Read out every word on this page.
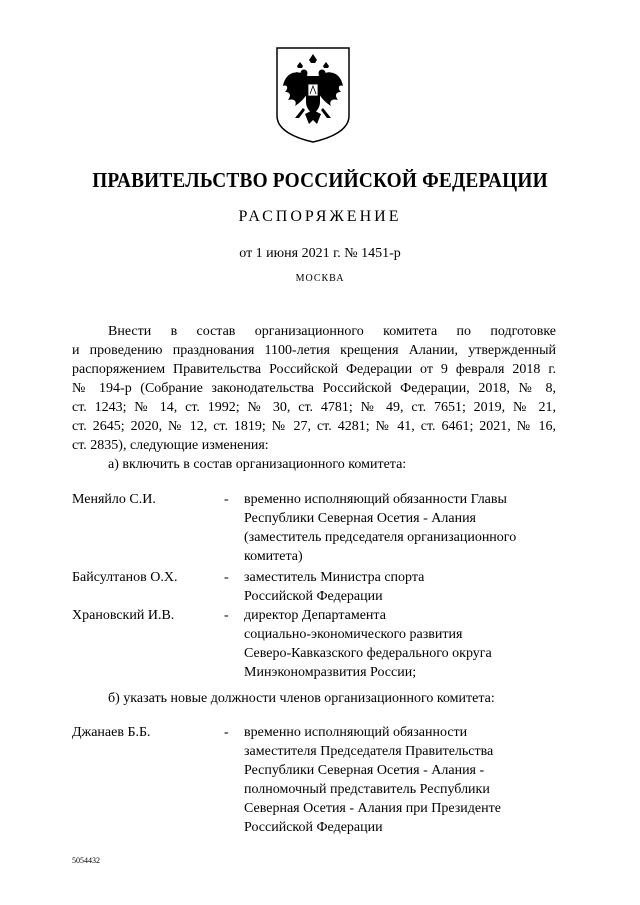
ПРАВИТЕЛЬСТВО РОССИЙСКОЙ ФЕДЕРАЦИИ
РАСПОРЯЖЕНИЕ
от 1 июня 2021 г. № 1451-р
МОСКВА
Внести в состав организационного комитета по подготовке
и проведению празднования 1100-летия крещения Алании, утвержденный
распоряжением Правительства Российской Федерации от 9 февраля 2018 г.
№ 194-р (Собрание законодательства Российской Федерации, 2018, № 8,
ст. 1243; № 14, ст. 1992; № 30, ст. 4781; № 49, ст. 7651; 2019, № 21,
ст. 2645; 2020, № 12, ст. 1819; № 27, ст. 4281; № 41, ст. 6461; 2021, № 16,
ст. 2835), следующие изменения:
а) включить в состав организационного комитета:
Меняйло С.И.	- временно исполняющий обязанности Главы
Республики Северная Осетия - Алания
(заместитель председателя организационного
комитета)
Байсултанов О.Х.	- заместитель Министра спорта
Российской Федерации
Храновский И.В.	- директор Департамента
социально-экономического развития
Северо-Кавказского федерального округа
Минэкономразвития России;
б) указать новые должности членов организационного комитета:
Джанаев Б.Б.	- временно исполняющий обязанности
заместителя Председателя Правительства
Республики Северная Осетия - Алания -
полномочный представитель Республики
Северная Осетия - Алания при Президенте
Российской Федерации
5054432
